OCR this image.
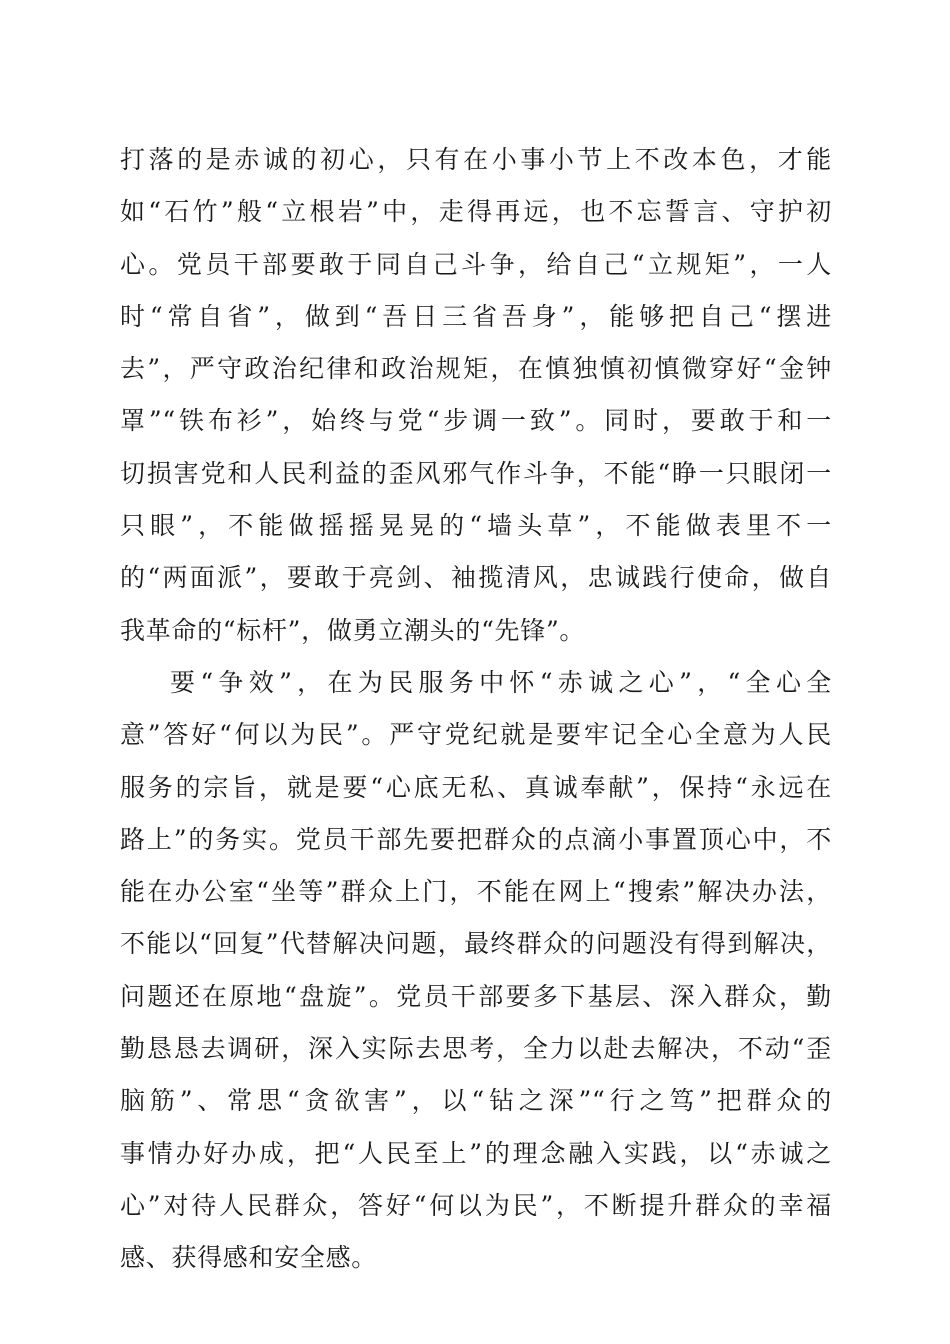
打落的是赤诚的初心，只有在小事小节上不改本色，才能
如“石竹”般“立根岩”中，走得再远，也不忘誓言、守护初
心。党员干部要敢于同自己斗争，给自己“立规矩”，一人
时“常自省”，做到“吾日三省吾身”，能够把自己“摆进
去”，严守政治纪律和政治规矩，在慎独慎初慎微穿好“金钟
罩”“铁布衫”，始终与党“步调一致”。同时，要敢于和一
切损害党和人民利益的歪风邪气作斗争，不能“睁一只眼闭一
只眼”，不能做摇摇晃晃的“墙头草”，不能做表里不一
的“两面派”，要敢于亮剑、袖揽清风，忠诚践行使命，做自
我革命的“标杆”，做勇立潮头的“先锋”。
要“争效”，在为民服务中怀“赤诚之心”，“全心全
意”答好“何以为民”。严守党纪就是要牢记全心全意为人民
服务的宗旨，就是要“心底无私、真诚奉献”，保持“永远在
路上”的务实。党员干部先要把群众的点滴小事置顶心中，不
能在办公室“坐等”群众上门，不能在网上“搜索”解决办法，
不能以“回复”代替解决问题，最终群众的问题没有得到解决，
问题还在原地“盘旋”。党员干部要多下基层、深入群众，勤
勤恳恳去调研，深入实际去思考，全力以赴去解决，不动“歪
脑筋”、常思“贪欲害”，以“钻之深”“行之笃”把群众的
事情办好办成，把“人民至上”的理念融入实践，以“赤诚之
心”对待人民群众，答好“何以为民”，不断提升群众的幸福
感、获得感和安全感。
